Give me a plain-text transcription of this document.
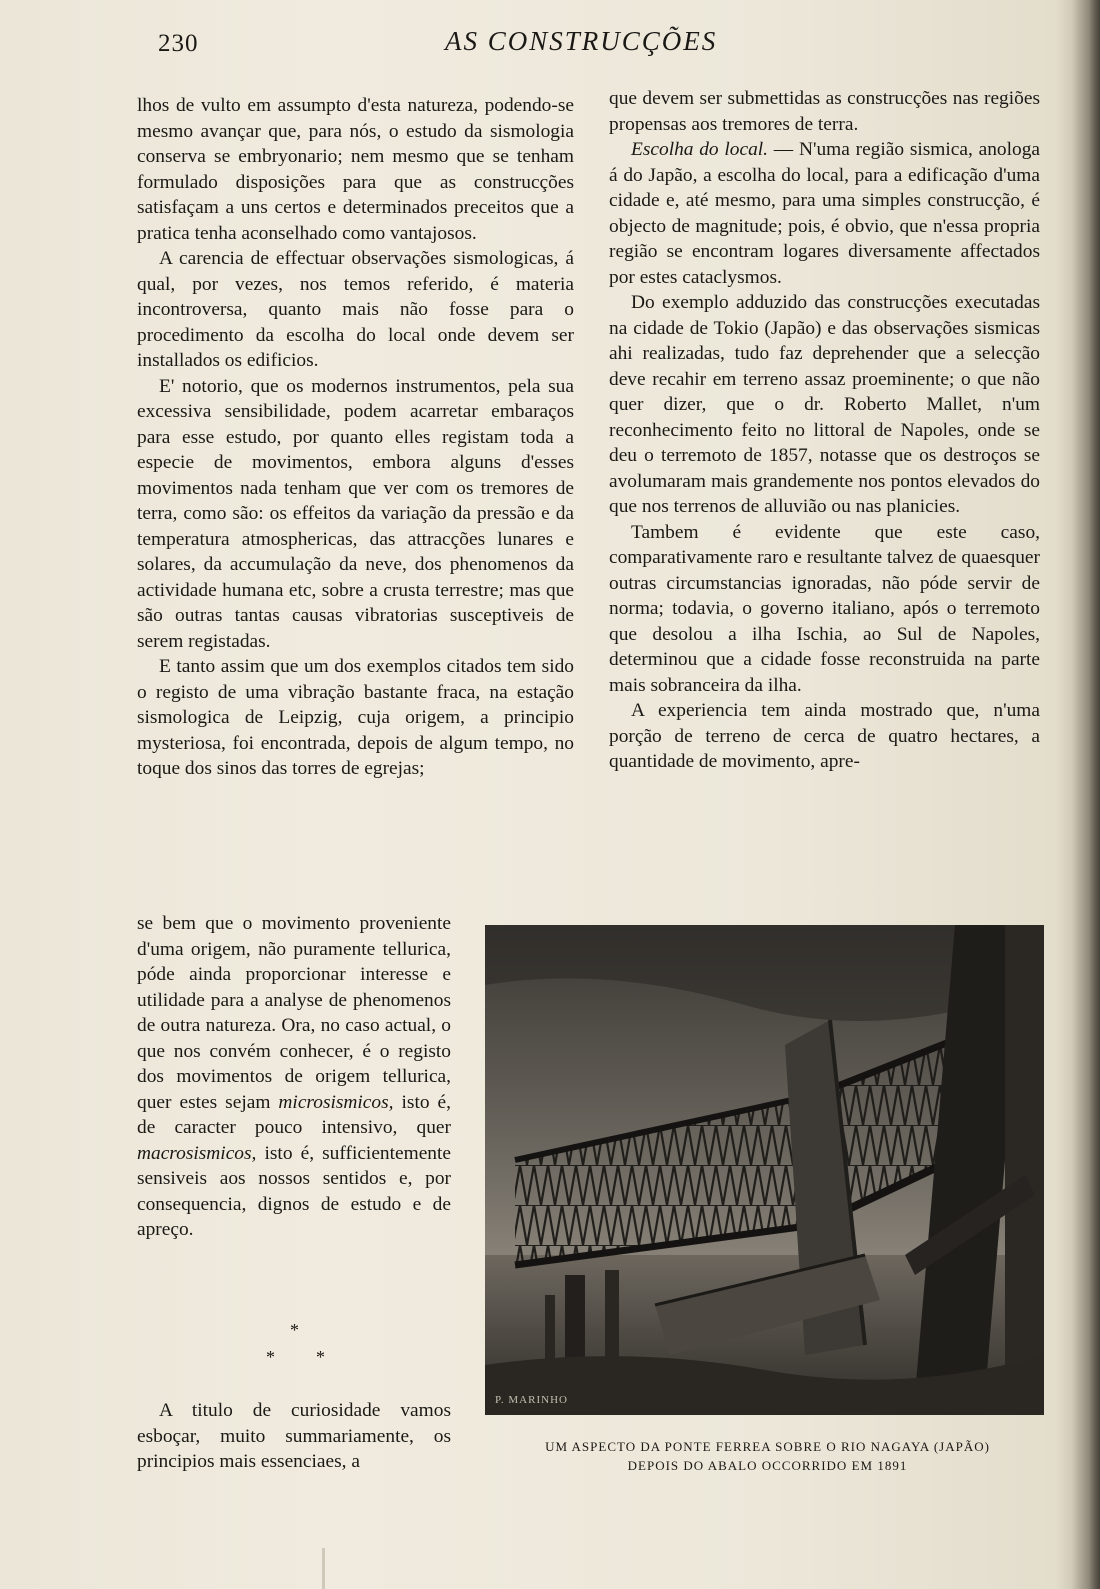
230	AS CONSTRUCÇÕES

lhos de vulto em assumpto d'esta natureza, podendo-se mesmo avançar que, para nós, o estudo da sismologia conserva se embryonario; nem mesmo que se tenham formulado disposições para que as construcções satisfaçam a uns certos e determinados preceitos que a pratica tenha aconselhado como vantajosos.

A carencia de effectuar observações sismologicas, á qual, por vezes, nos temos referido, é materia incontroversa, quanto mais não fosse para o procedimento da escolha do local onde devem ser installados os edificios.

E' notorio, que os modernos instrumentos, pela sua excessiva sensibilidade, podem acarretar embaraços para esse estudo, por quanto elles registam toda a especie de movimentos, embora alguns d'esses movimentos nada tenham que ver com os tremores de terra, como são: os effeitos da variação da pressão e da temperatura atmosphericas, das attracções lunares e solares, da accumulação da neve, dos phenomenos da actividade humana etc, sobre a crusta terrestre; mas que são outras tantas causas vibratorias susceptiveis de serem registadas.

E tanto assim que um dos exemplos citados tem sido o registo de uma vibração bastante fraca, na estação sismologica de Leipzig, cuja origem, a principio mysteriosa, foi encontrada, depois de algum tempo, no toque dos sinos das torres de egrejas;

se bem que o movimento proveniente d'uma origem, não puramente tellurica, póde ainda proporcionar interesse e utilidade para a analyse de phenomenos de outra natureza. Ora, no caso actual, o que nos convém conhecer, é o registo dos movimentos de origem tellurica, quer estes sejam microsismicos, isto é, de caracter pouco intensivo, quer macrosismicos, isto é, sufficientemente sensiveis aos nossos sentidos e, por consequencia, dignos de estudo e de apreço.

*
* *

A titulo de curiosidade vamos esboçar, muito summariamente, os principios mais essenciaes, a

que devem ser submettidas as construcções nas regiões propensas aos tremores de terra.

Escolha do local. — N'uma região sismica, anologa á do Japão, a escolha do local, para a edificação d'uma cidade e, até mesmo, para uma simples construcção, é objecto de magnitude; pois, é obvio, que n'essa propria região se encontram logares diversamente affectados por estes cataclysmos.

Do exemplo adduzido das construcções executadas na cidade de Tokio (Japão) e das observações sismicas ahi realizadas, tudo faz deprehender que a selecção deve recahir em terreno assaz proeminente; o que não quer dizer, que o dr. Roberto Mallet, n'um reconhecimento feito no littoral de Napoles, onde se deu o terremoto de 1857, notasse que os destroços se avolumaram mais grandemente nos pontos elevados do que nos terrenos de alluvião ou nas planicies.

Tambem é evidente que este caso, comparativamente raro e resultante talvez de quaesquer outras circumstancias ignoradas, não póde servir de norma; todavia, o governo italiano, após o terremoto que desolou a ilha Ischia, ao Sul de Napoles, determinou que a cidade fosse reconstruida na parte mais sobranceira da ilha.

A experiencia tem ainda mostrado que, n'uma porção de terreno de cerca de quatro hectares, a quantidade de movimento, apre-

P. MARINHO
UM ASPECTO DA PONTE FERREA SOBRE O RIO NAGAYA (JAPÃO)
DEPOIS DO ABALO OCCORRIDO EM 1891
